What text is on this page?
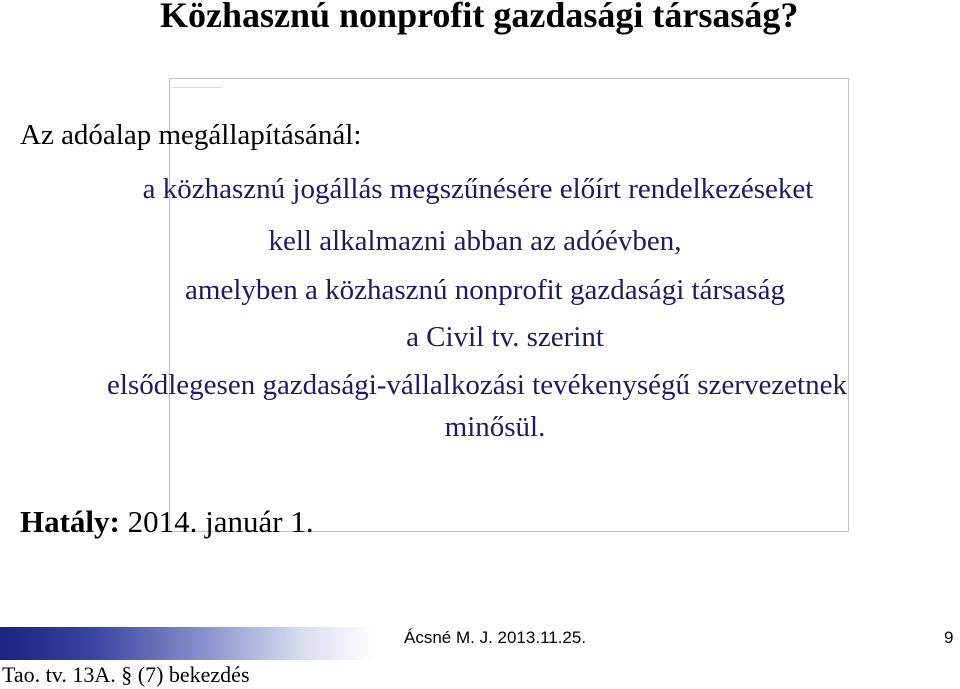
Közhasznú nonprofit gazdasági társaság?
Az adóalap megállapításánál:
a közhasznú jogállás megszűnésére előírt rendelkezéseket
kell alkalmazni abban az adóévben,
amelyben a közhasznú nonprofit gazdasági társaság
a Civil tv. szerint
elsődlegesen gazdasági-vállalkozási tevékenységű szervezetnek
minősül.
Hatály: 2014. január 1.
Ácsné M. J. 2013.11.25.	9
Tao. tv. 13A. § (7) bekezdés
